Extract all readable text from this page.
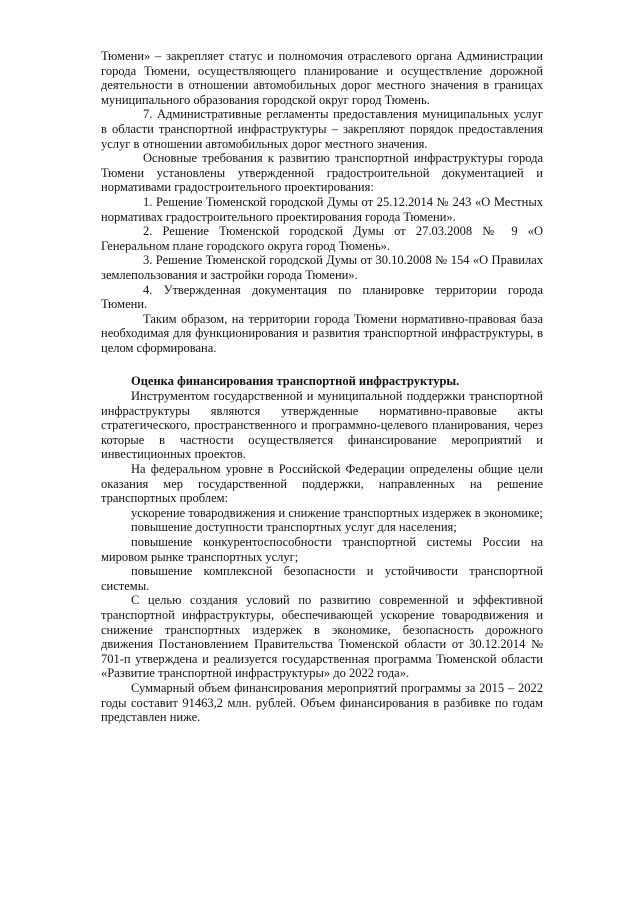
Тюмени» – закрепляет статус и полномочия отраслевого органа Администрации города Тюмени, осуществляющего планирование и осуществление дорожной деятельности в отношении автомобильных дорог местного значения в границах муниципального образования городской округ город Тюмень.

7. Административные регламенты предоставления муниципальных услуг в области транспортной инфраструктуры – закрепляют порядок предоставления услуг в отношении автомобильных дорог местного значения.

Основные требования к развитию транспортной инфраструктуры города Тюмени установлены утвержденной градостроительной документацией и нормативами градостроительного проектирования:

1. Решение Тюменской городской Думы от 25.12.2014 № 243 «О Местных нормативах градостроительного проектирования города Тюмени».

2. Решение Тюменской городской Думы от 27.03.2008 № 9 «О Генеральном плане городского округа город Тюмень».

3. Решение Тюменской городской Думы от 30.10.2008 № 154 «О Правилах землепользования и застройки города Тюмени».

4. Утвержденная документация по планировке территории города Тюмени.

Таким образом, на территории города Тюмени нормативно-правовая база необходимая для функционирования и развития транспортной инфраструктуры, в целом сформирована.

Оценка финансирования транспортной инфраструктуры.

Инструментом государственной и муниципальной поддержки транспортной инфраструктуры являются утвержденные нормативно-правовые акты стратегического, пространственного и программно-целевого планирования, через которые в частности осуществляется финансирование мероприятий и инвестиционных проектов.

На федеральном уровне в Российской Федерации определены общие цели оказания мер государственной поддержки, направленных на решение транспортных проблем:

ускорение товародвижения и снижение транспортных издержек в экономике;

повышение доступности транспортных услуг для населения;

повышение конкурентоспособности транспортной системы России на мировом рынке транспортных услуг;

повышение комплексной безопасности и устойчивости транспортной системы.

С целью создания условий по развитию современной и эффективной транспортной инфраструктуры, обеспечивающей ускорение товародвижения и снижение транспортных издержек в экономике, безопасность дорожного движения Постановлением Правительства Тюменской области от 30.12.2014 № 701-п утверждена и реализуется государственная программа Тюменской области «Развитие транспортной инфраструктуры» до 2022 года».

Суммарный объем финансирования мероприятий программы за 2015 – 2022 годы составит 91463,2 млн. рублей. Объем финансирования в разбивке по годам представлен ниже.
